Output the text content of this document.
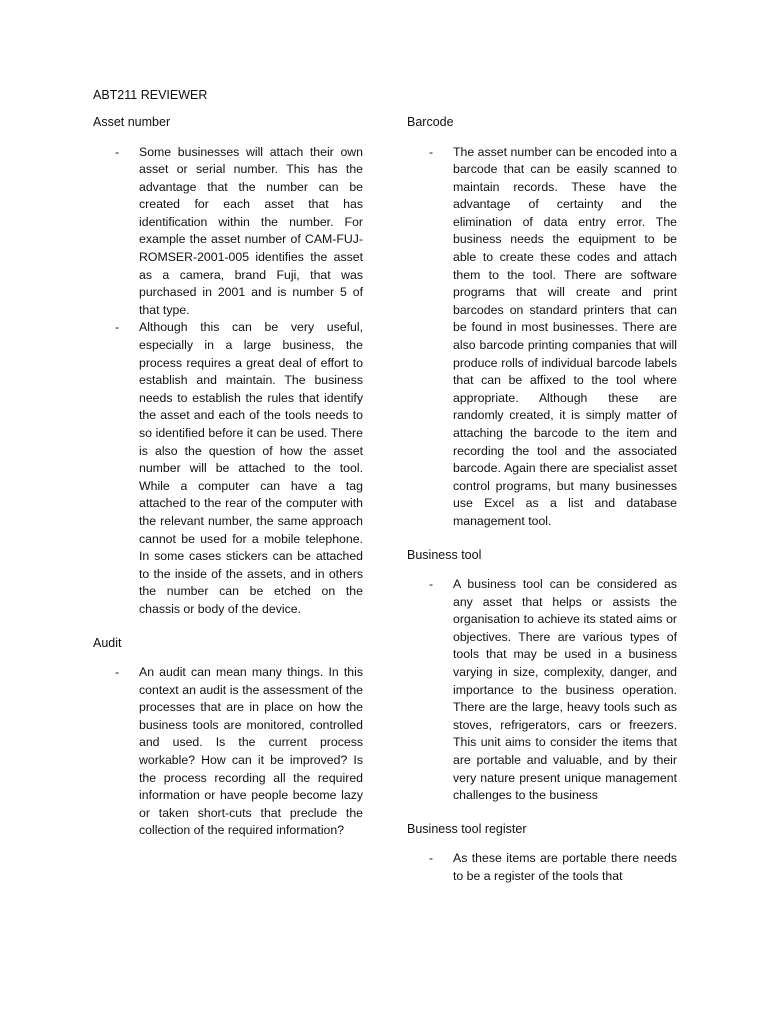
ABT211 REVIEWER

Asset number

- Some businesses will attach their own asset or serial number. This has the advantage that the number can be created for each asset that has identification within the number. For example the asset number of CAM-FUJ-ROMSER-2001-005 identifies the asset as a camera, brand Fuji, that was purchased in 2001 and is number 5 of that type.
- Although this can be very useful, especially in a large business, the process requires a great deal of effort to establish and maintain. The business needs to establish the rules that identify the asset and each of the tools needs to so identified before it can be used. There is also the question of how the asset number will be attached to the tool. While a computer can have a tag attached to the rear of the computer with the relevant number, the same approach cannot be used for a mobile telephone. In some cases stickers can be attached to the inside of the assets, and in others the number can be etched on the chassis or body of the device.

Audit

- An audit can mean many things. In this context an audit is the assessment of the processes that are in place on how the business tools are monitored, controlled and used. Is the current process workable? How can it be improved? Is the process recording all the required information or have people become lazy or taken short-cuts that preclude the collection of the required information?

Barcode

- The asset number can be encoded into a barcode that can be easily scanned to maintain records. These have the advantage of certainty and the elimination of data entry error. The business needs the equipment to be able to create these codes and attach them to the tool. There are software programs that will create and print barcodes on standard printers that can be found in most businesses. There are also barcode printing companies that will produce rolls of individual barcode labels that can be affixed to the tool where appropriate. Although these are randomly created, it is simply matter of attaching the barcode to the item and recording the tool and the associated barcode. Again there are specialist asset control programs, but many businesses use Excel as a list and database management tool.

Business tool

- A business tool can be considered as any asset that helps or assists the organisation to achieve its stated aims or objectives. There are various types of tools that may be used in a business varying in size, complexity, danger, and importance to the business operation. There are the large, heavy tools such as stoves, refrigerators, cars or freezers. This unit aims to consider the items that are portable and valuable, and by their very nature present unique management challenges to the business

Business tool register

- As these items are portable there needs to be a register of the tools that
